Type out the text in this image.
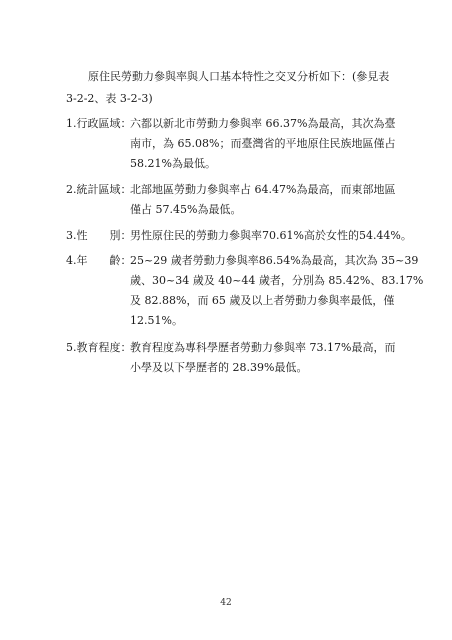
原住民勞動力參與率與人口基本特性之交叉分析如下：(參見表
3-2-2、表 3-2-3)
1.行政區域：
六都以新北市勞動力參與率 66.37%為最高，其次為臺
南市，為 65.08%；而臺灣省的平地原住民族地區僅占
58.21%為最低。
2.統計區域：
北部地區勞動力參與率占 64.47%為最高，而東部地區
僅占 57.45%為最低。
3.性　　別：
男性原住民的勞動力參與率70.61%高於女性的54.44%。
4.年　　齡：
25~29 歲者勞動力參與率86.54%為最高，其次為 35~39
歲、30~34 歲及 40~44 歲者，分別為 85.42%、83.17%
及 82.88%，而 65 歲及以上者勞動力參與率最低，僅
12.51%。
5.教育程度：
教育程度為專科學歷者勞動力參與率 73.17%最高，而
小學及以下學歷者的 28.39%最低。
42
